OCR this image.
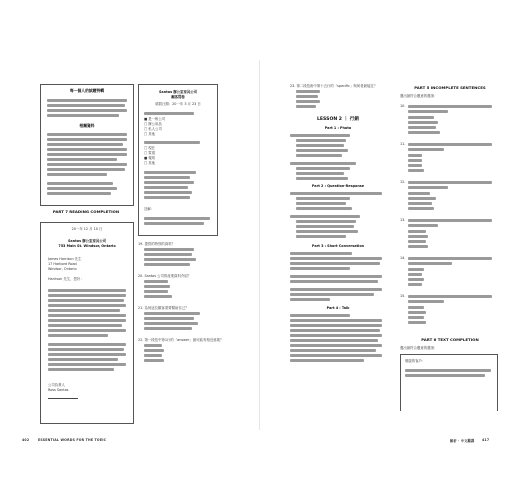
每一個人的試題特輯
相關資料
PART 7 READING COMPLETION
20一年 12 月 10 日
Santos 辦公室家具公司
753 Main St. Windsor, Ontario
James Harrison 先生
17 Harbord Road
Windsor, Ontario
Harrison 先生，您好：
公司負責人
Ross Santos
Santos 辦公室家具公司
顧客問卷
填寫日期：20一年 3 月 23 日
■ 是一般公司
□ 辦公用品
□ 私人公司
□ 其他
□ 現在
□ 電視
■ 報紙
□ 其他
註解：
19. 提供的特別的資料？
20. Santos 公司的產業資料介紹？
21. 為何這位顧客需要幫助自己？
22. 第一段技中第1行的「answer」最可能有相近意義？
402	ESSENTIAL WORDS FOR THE TOEIC
23. 第二段技術中第十五行的「specific」與何者最接近？
LESSON 2 ｜ 行銷
Part 1 : Photo
Part 2 : Question-Response
Part 3 : Short Conversation
Part 4 : Talk
PART 5 INCOMPLETE SENTENCES
選出最符合題意的選項：
10.
11.
12.
13.
14.
15.
PART 6 TEXT COMPLETION
選出最符合題意的選項：
敬啟的客戶：
解析 ‧ 中文翻譯 417
